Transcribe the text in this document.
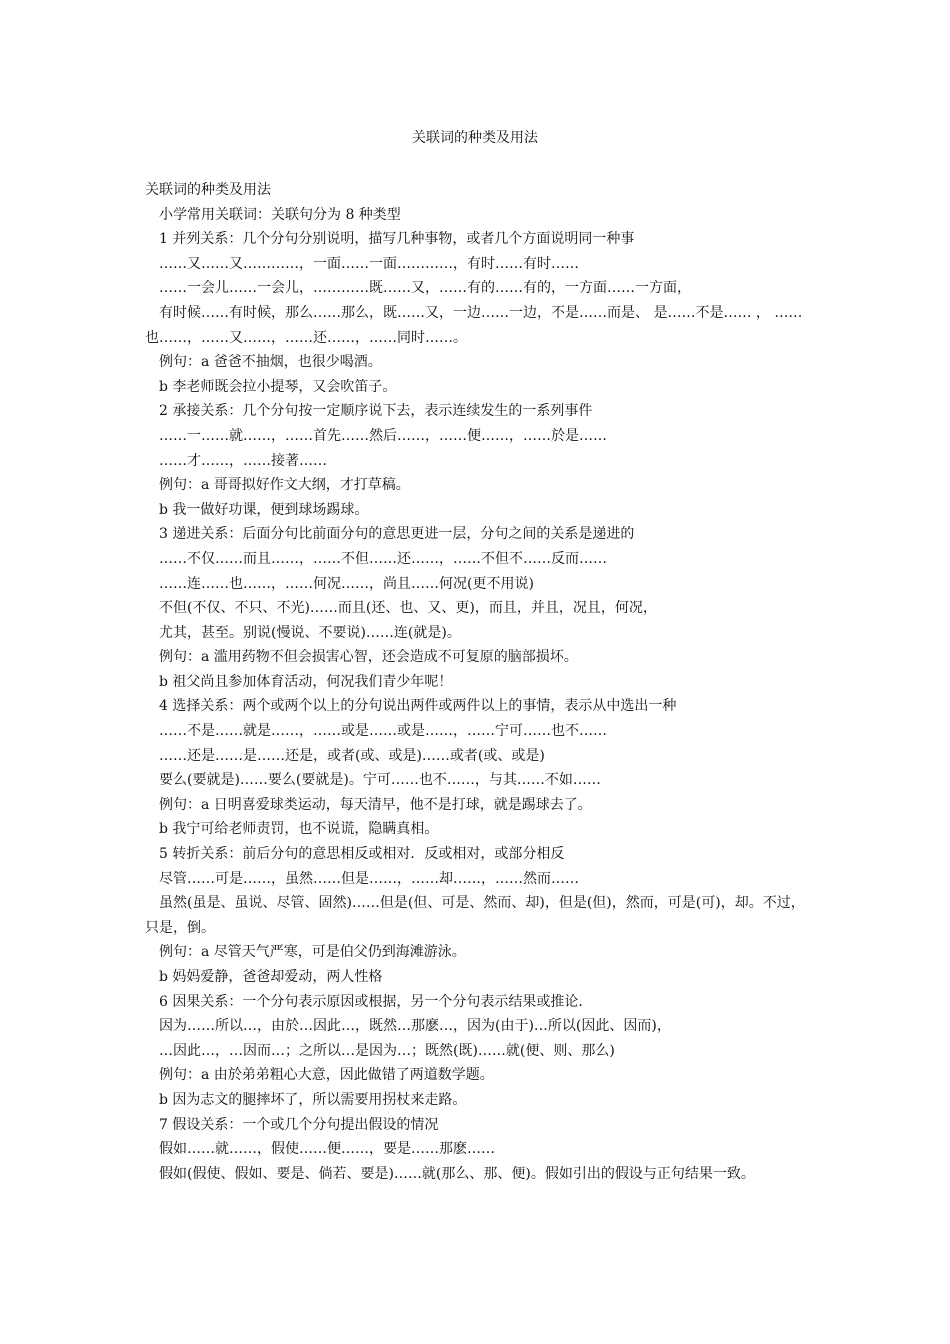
关联词的种类及用法
关联词的种类及用法
小学常用关联词：关联句分为 8 种类型
1 并列关系：几个分句分别说明，描写几种事物，或者几个方面说明同一种事
……又……又…………，一面……一面…………，有时……有时……
……一会儿……一会儿，…………既……又，……有的……有的，一方面……一方面，
有时候……有时候，那么……那么，既……又，一边……一边，不是……而是、 是……不是…… ， ……也……，……又……，……还……，……同时……。
例句：a 爸爸不抽烟，也很少喝酒。
b 李老师既会拉小提琴，又会吹笛子。
2 承接关系：几个分句按一定顺序说下去，表示连续发生的一系列事件
……一……就……，……首先……然后……，……便……，……於是……
……才……，……接著……
例句：a 哥哥拟好作文大纲，才打草稿。
b 我一做好功课，便到球场踢球。
3 递进关系：后面分句比前面分句的意思更进一层，分句之间的关系是递进的
……不仅……而且……，……不但……还……，……不但不……反而……
……连……也……，……何况……，尚且……何况(更不用说)
不但(不仅、不只、不光)……而且(还、也、又、更)，而且，并且，况且，何况，
尤其，甚至。别说(慢说、不要说)……连(就是)。
例句：a 滥用药物不但会损害心智，还会造成不可复原的脑部损坏。
b 祖父尚且参加体育活动，何况我们青少年呢！
4 选择关系：两个或两个以上的分句说出两件或两件以上的事情，表示从中选出一种
……不是……就是……，……或是……或是……，……宁可……也不……
……还是……是……还是，或者(或、或是)……或者(或、或是)
要么(要就是)……要么(要就是)。宁可……也不……，与其……不如……
例句：a 日明喜爱球类运动，每天清早，他不是打球，就是踢球去了。
b 我宁可给老师责罚，也不说谎，隐瞒真相。
5 转折关系：前后分句的意思相反或相对．反或相对，或部分相反
尽管……可是……，虽然……但是……，……却……，……然而……
虽然(虽是、虽说、尽管、固然)……但是(但、可是、然而、却)，但是(但)，然而，可是(可)，却。不过，只是，倒。
例句：a 尽管天气严寒，可是伯父仍到海滩游泳。
b 妈妈爱静，爸爸却爱动，两人性格
6 因果关系：一个分句表示原因或根据，另一个分句表示结果或推论．
因为……所以…，由於…因此…，既然…那麽…，因为(由于)…所以(因此、因而)，
…因此…，…因而…；之所以…是因为…；既然(既)……就(便、则、那么)
例句：a 由於弟弟粗心大意，因此做错了两道数学题。
b 因为志文的腿摔坏了，所以需要用拐杖来走路。
7 假设关系：一个或几个分句提出假设的情况
假如……就……，假使……便……，要是……那麽……
假如(假使、假如、要是、倘若、要是)……就(那么、那、便)。假如引出的假设与正句结果一致。
